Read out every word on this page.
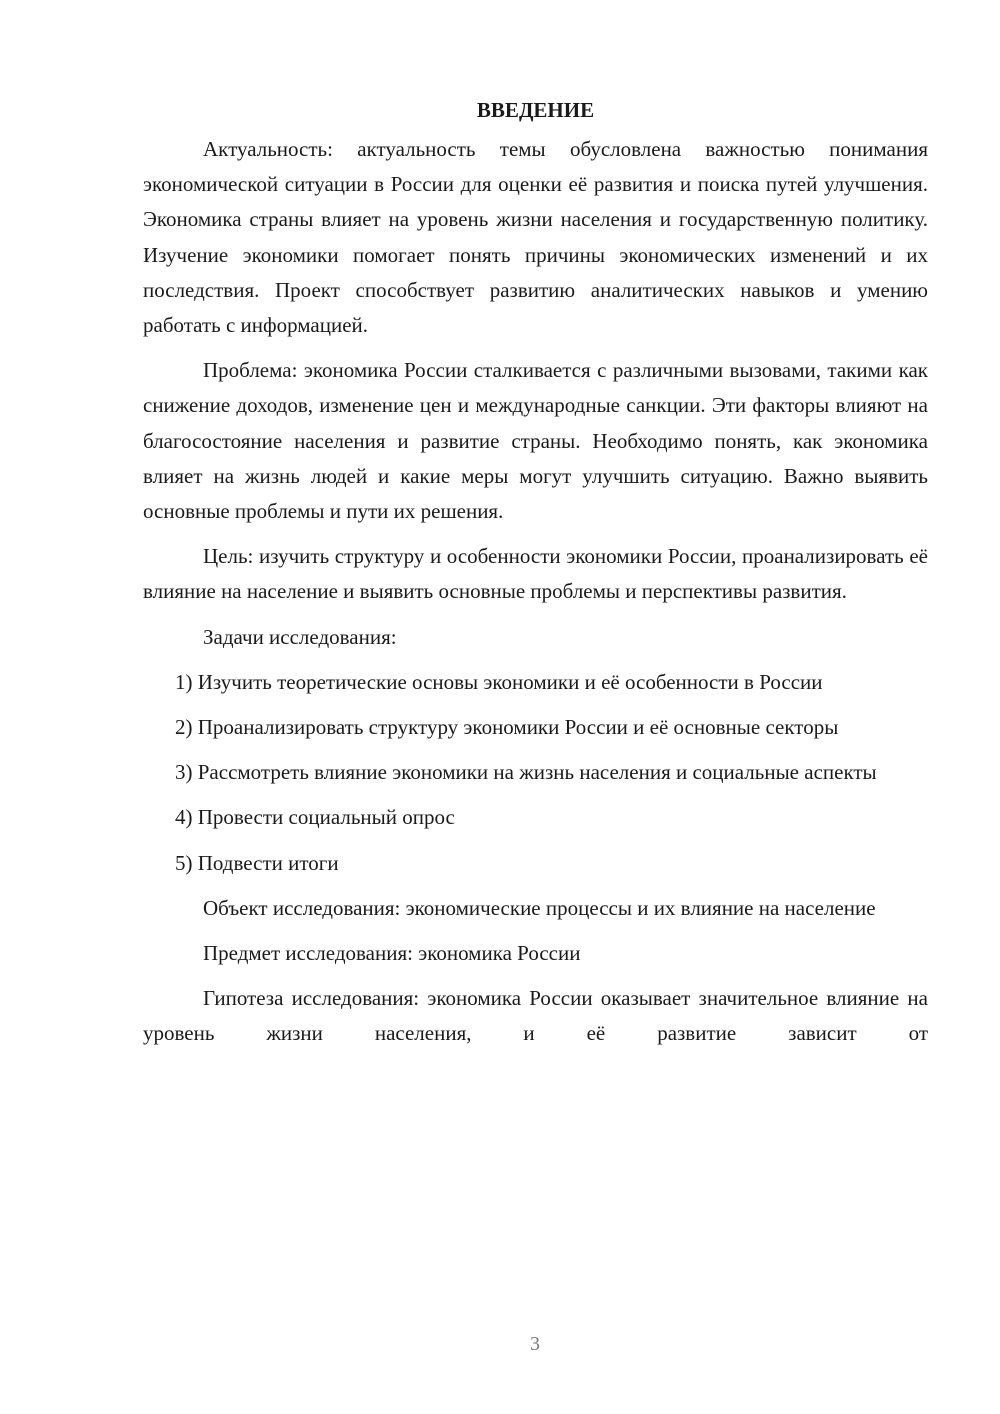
ВВЕДЕНИЕ

Актуальность: актуальность темы обусловлена важностью понимания экономической ситуации в России для оценки её развития и поиска путей улучшения. Экономика страны влияет на уровень жизни населения и государственную политику. Изучение экономики помогает понять причины экономических изменений и их последствия. Проект способствует развитию аналитических навыков и умению работать с информацией.

Проблема: экономика России сталкивается с различными вызовами, такими как снижение доходов, изменение цен и международные санкции. Эти факторы влияют на благосостояние населения и развитие страны. Необходимо понять, как экономика влияет на жизнь людей и какие меры могут улучшить ситуацию. Важно выявить основные проблемы и пути их решения.

Цель: изучить структуру и особенности экономики России, проанализировать её влияние на население и выявить основные проблемы и перспективы развития.

Задачи исследования:

1) Изучить теоретические основы экономики и её особенности в России

2) Проанализировать структуру экономики России и её основные секторы

3) Рассмотреть влияние экономики на жизнь населения и социальные аспекты

4) Провести социальный опрос

5) Подвести итоги

Объект исследования: экономические процессы и их влияние на население

Предмет исследования: экономика России

Гипотеза исследования: экономика России оказывает значительное влияние на уровень жизни населения, и её развитие зависит от

3
